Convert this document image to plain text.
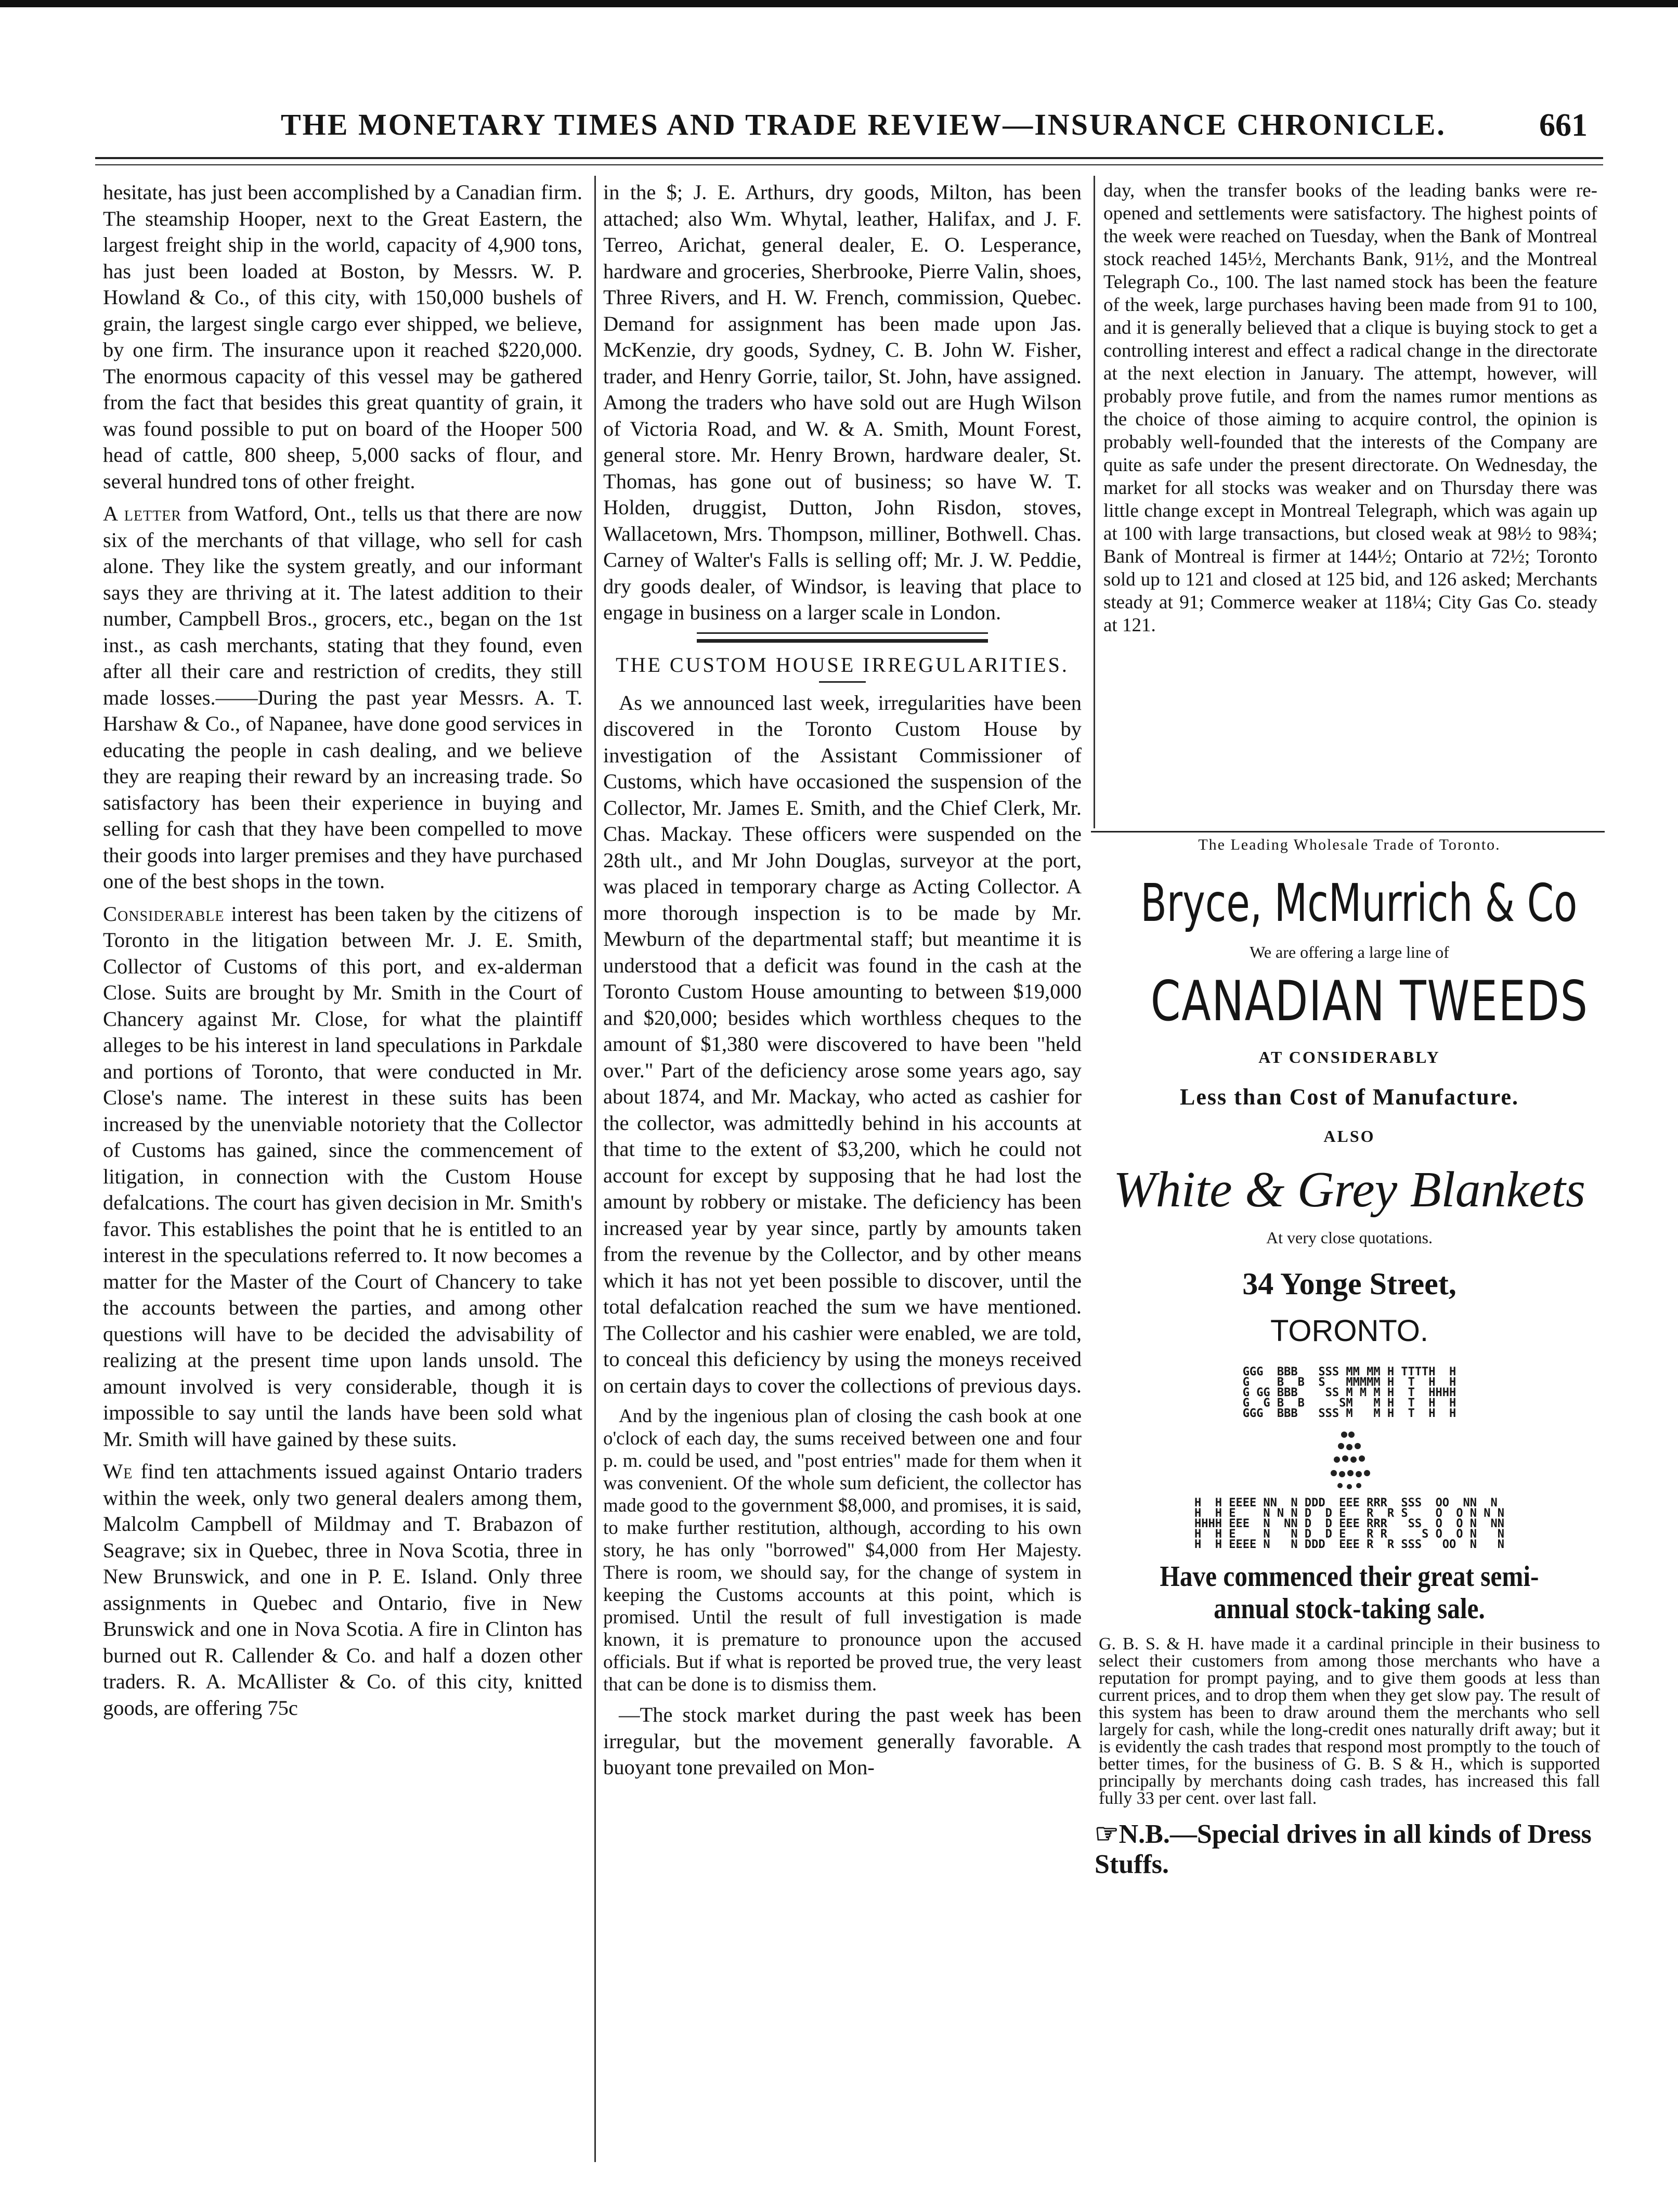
THE MONETARY TIMES AND TRADE REVIEW—INSURANCE CHRONICLE.	661

hesitate, has just been accomplished by a Canadian firm. The steamship Hooper, next to the Great Eastern, the largest freight ship in the world, capacity of 4,900 tons, has just been loaded at Boston, by Messrs. W. P. Howland & Co., of this city, with 150,000 bushels of grain, the largest single cargo ever shipped, we believe, by one firm. The insurance upon it reached $220,000. The enormous capacity of this vessel may be gathered from the fact that besides this great quantity of grain, it was found possible to put on board of the Hooper 500 head of cattle, 800 sheep, 5,000 sacks of flour, and several hundred tons of other freight.

A letter from Watford, Ont., tells us that there are now six of the merchants of that village, who sell for cash alone. They like the system greatly, and our informant says they are thriving at it. The latest addition to their number, Campbell Bros., grocers, etc., began on the 1st inst., as cash merchants, stating that they found, even after all their care and restriction of credits, they still made losses.——During the past year Messrs. A. T. Harshaw & Co., of Napanee, have done good services in educating the people in cash dealing, and we believe they are reaping their reward by an increasing trade. So satisfactory has been their experience in buying and selling for cash that they have been compelled to move their goods into larger premises and they have purchased one of the best shops in the town.

Considerable interest has been taken by the citizens of Toronto in the litigation between Mr. J. E. Smith, Collector of Customs of this port, and ex-alderman Close. Suits are brought by Mr. Smith in the Court of Chancery against Mr. Close, for what the plaintiff alleges to be his interest in land speculations in Parkdale and portions of Toronto, that were conducted in Mr. Close's name. The interest in these suits has been increased by the unenviable notoriety that the Collector of Customs has gained, since the commencement of litigation, in connection with the Custom House defalcations. The court has given decision in Mr. Smith's favor. This establishes the point that he is entitled to an interest in the speculations referred to. It now becomes a matter for the Master of the Court of Chancery to take the accounts between the parties, and among other questions will have to be decided the advisability of realizing at the present time upon lands unsold. The amount involved is very considerable, though it is impossible to say until the lands have been sold what Mr. Smith will have gained by these suits.

We find ten attachments issued against Ontario traders within the week, only two general dealers among them, Malcolm Campbell of Mildmay and T. Brabazon of Seagrave; six in Quebec, three in Nova Scotia, three in New Brunswick, and one in P. E. Island. Only three assignments in Quebec and Ontario, five in New Brunswick and one in Nova Scotia. A fire in Clinton has burned out R. Callender & Co. and half a dozen other traders. R. A. McAllister & Co. of this city, knitted goods, are offering 75c

in the $; J. E. Arthurs, dry goods, Milton, has been attached; also Wm. Whytal, leather, Halifax, and J. F. Terreo, Arichat, general dealer, E. O. Lesperance, hardware and groceries, Sherbrooke, Pierre Valin, shoes, Three Rivers, and H. W. French, commission, Quebec. Demand for assignment has been made upon Jas. McKenzie, dry goods, Sydney, C. B. John W. Fisher, trader, and Henry Gorrie, tailor, St. John, have assigned. Among the traders who have sold out are Hugh Wilson of Victoria Road, and W. & A. Smith, Mount Forest, general store. Mr. Henry Brown, hardware dealer, St. Thomas, has gone out of business; so have W. T. Holden, druggist, Dutton, John Risdon, stoves, Wallacetown, Mrs. Thompson, milliner, Bothwell. Chas. Carney of Walter's Falls is selling off; Mr. J. W. Peddie, dry goods dealer, of Windsor, is leaving that place to engage in business on a larger scale in London.

THE CUSTOM HOUSE IRREGULARITIES.

As we announced last week, irregularities have been discovered in the Toronto Custom House by investigation of the Assistant Commissioner of Customs, which have occasioned the suspension of the Collector, Mr. James E. Smith, and the Chief Clerk, Mr. Chas. Mackay. These officers were suspended on the 28th ult., and Mr John Douglas, surveyor at the port, was placed in temporary charge as Acting Collector. A more thorough inspection is to be made by Mr. Mewburn of the departmental staff; but meantime it is understood that a deficit was found in the cash at the Toronto Custom House amounting to between $19,000 and $20,000; besides which worthless cheques to the amount of $1,380 were discovered to have been "held over." Part of the deficiency arose some years ago, say about 1874, and Mr. Mackay, who acted as cashier for the collector, was admittedly behind in his accounts at that time to the extent of $3,200, which he could not account for except by supposing that he had lost the amount by robbery or mistake. The deficiency has been increased year by year since, partly by amounts taken from the revenue by the Collector, and by other means which it has not yet been possible to discover, until the total defalcation reached the sum we have mentioned. The Collector and his cashier were enabled, we are told, to conceal this deficiency by using the moneys received on certain days to cover the collections of previous days.

And by the ingenious plan of closing the cash book at one o'clock of each day, the sums received between one and four p. m. could be used, and "post entries" made for them when it was convenient. Of the whole sum deficient, the collector has made good to the government $8,000, and promises, it is said, to make further restitution, although, according to his own story, he has only "borrowed" $4,000 from Her Majesty. There is room, we should say, for the change of system in keeping the Customs accounts at this point, which is promised. Until the result of full investigation is made known, it is premature to pronounce upon the accused officials. But if what is reported be proved true, the very least that can be done is to dismiss them.

—The stock market during the past week has been irregular, but the movement generally favorable. A buoyant tone prevailed on Mon-

day, when the transfer books of the leading banks were re-opened and settlements were satisfactory. The highest points of the week were reached on Tuesday, when the Bank of Montreal stock reached 145½, Merchants Bank, 91½, and the Montreal Telegraph Co., 100. The last named stock has been the feature of the week, large purchases having been made from 91 to 100, and it is generally believed that a clique is buying stock to get a controlling interest and effect a radical change in the directorate at the next election in January. The attempt, however, will probably prove futile, and from the names rumor mentions as the choice of those aiming to acquire control, the opinion is probably well-founded that the interests of the Company are quite as safe under the present directorate. On Wednesday, the market for all stocks was weaker and on Thursday there was little change except in Montreal Telegraph, which was again up at 100 with large transactions, but closed weak at 98½ to 98¾; Bank of Montreal is firmer at 144½; Ontario at 72½; Toronto sold up to 121 and closed at 125 bid, and 126 asked; Merchants steady at 91; Commerce weaker at 118¼; City Gas Co. steady at 121.

The Leading Wholesale Trade of Toronto.
Bryce, McMurrich & Co
We are offering a large line of
CANADIAN TWEEDS
AT CONSIDERABLY
Less than Cost of Manufacture.
ALSO
White & Grey Blankets
At very close quotations.
34 Yonge Street,
TORONTO.
GGG  BBB   SSS MM MM H TTTTH  H
G    B  B  S   MMMMM H  T  H  H
G GG BBB    SS M M M H  T  HHHH
G  G B  B     SM   M H  T  H  H
GGG  BBB   SSS M   M H  T  H  H
H  H EEEE NN  N DDD  EEE RRR  SSS  OO  NN  N
H  H E    N N N D  D E   R  R S    O  O N N N
HHHH EEE  N  NN D  D EEE RRR   SS  O  O N  NN
H  H E    N   N D  D E   R R     S O  O N   N
H  H EEEE N   N DDD  EEE R  R SSS   OO  N   N
Have commenced their great semi-annual stock-taking sale.
G. B. S. & H. have made it a cardinal principle in their business to select their customers from among those merchants who have a reputation for prompt paying, and to give them goods at less than current prices, and to drop them when they get slow pay. The result of this system has been to draw around them the merchants who sell largely for cash, while the long-credit ones naturally drift away; but it is evidently the cash trades that respond most promptly to the touch of better times, for the business of G. B. S & H., which is supported principally by merchants doing cash trades, has increased this fall fully 33 per cent. over last fall.
☞N.B.—Special drives in all kinds of Dress Stuffs.
